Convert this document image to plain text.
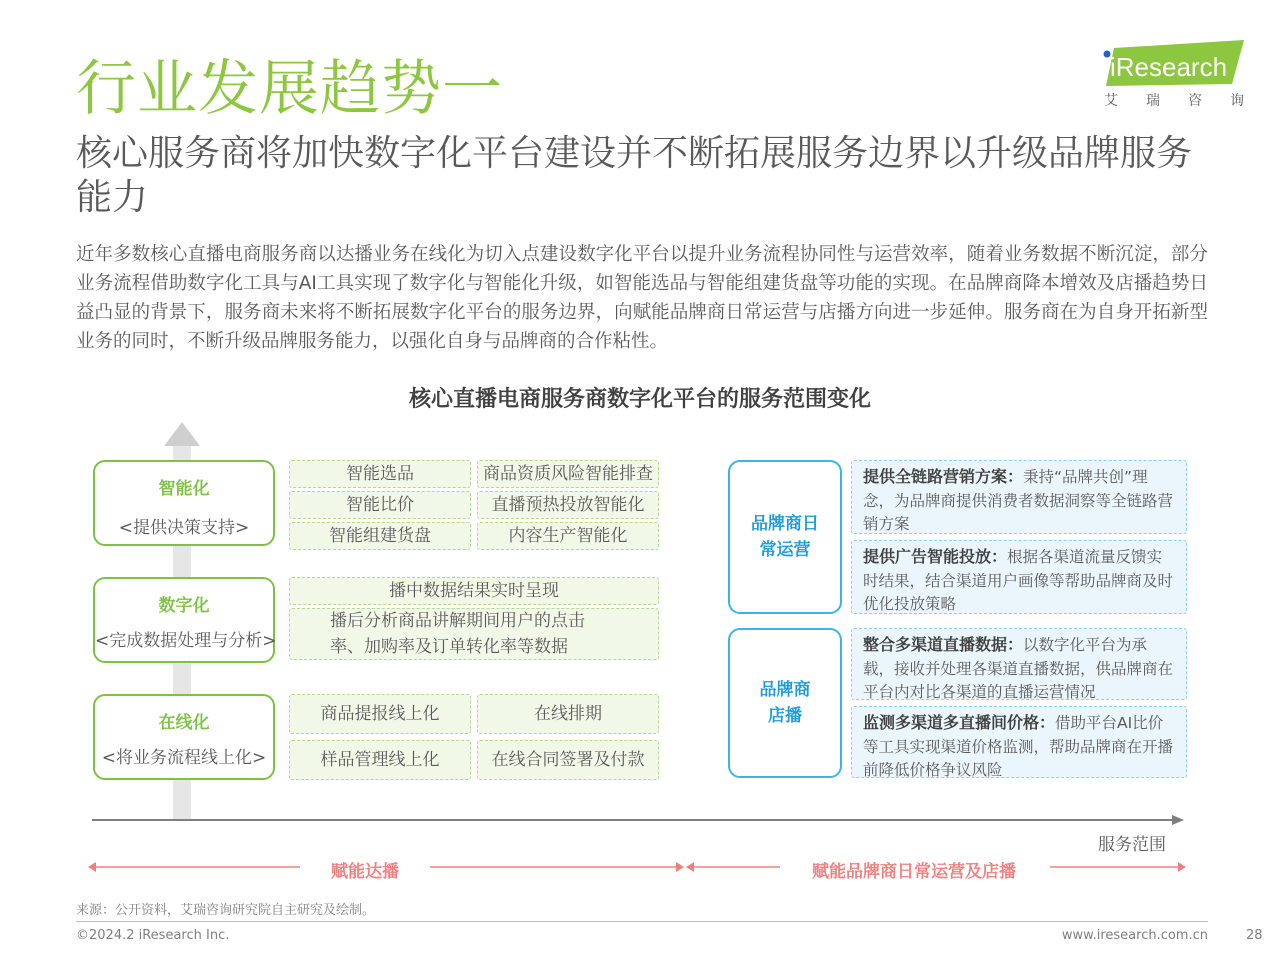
行业发展趋势一
核心服务商将加快数字化平台建设并不断拓展服务边界以升级品牌服务能力
近年多数核心直播电商服务商以达播业务在线化为切入点建设数字化平台以提升业务流程协同性与运营效率，随着业务数据不断沉淀，部分业务流程借助数字化工具与AI工具实现了数字化与智能化升级，如智能选品与智能组建货盘等功能的实现。在品牌商降本增效及店播趋势日益凸显的背景下，服务商未来将不断拓展数字化平台的服务边界，向赋能品牌商日常运营与店播方向进一步延伸。服务商在为自身开拓新型业务的同时，不断升级品牌服务能力，以强化自身与品牌商的合作粘性。
iResearch
艾 瑞 咨 询
核心直播电商服务商数字化平台的服务范围变化
智能化
<提供决策支持>
数字化
<完成数据处理与分析>
在线化
<将业务流程线上化>
智能选品	商品资质风险智能排查
智能比价	直播预热投放智能化
智能组建货盘	内容生产智能化
播中数据结果实时呈现
播后分析商品讲解期间用户的点击率、加购率及订单转化率等数据
商品提报线上化	在线排期
样品管理线上化	在线合同签署及付款
品牌商日常运营
品牌商店播
提供全链路营销方案：秉持“品牌共创”理念，为品牌商提供消费者数据洞察等全链路营销方案
提供广告智能投放：根据各渠道流量反馈实时结果，结合渠道用户画像等帮助品牌商及时优化投放策略
整合多渠道直播数据：以数字化平台为承载，接收并处理各渠道直播数据，供品牌商在平台内对比各渠道的直播运营情况
监测多渠道多直播间价格：借助平台AI比价等工具实现渠道价格监测，帮助品牌商在开播前降低价格争议风险
服务范围
赋能达播	赋能品牌商日常运营及店播
来源：公开资料，艾瑞咨询研究院自主研究及绘制。
©2024.2 iResearch Inc.	www.iresearch.com.cn	28
